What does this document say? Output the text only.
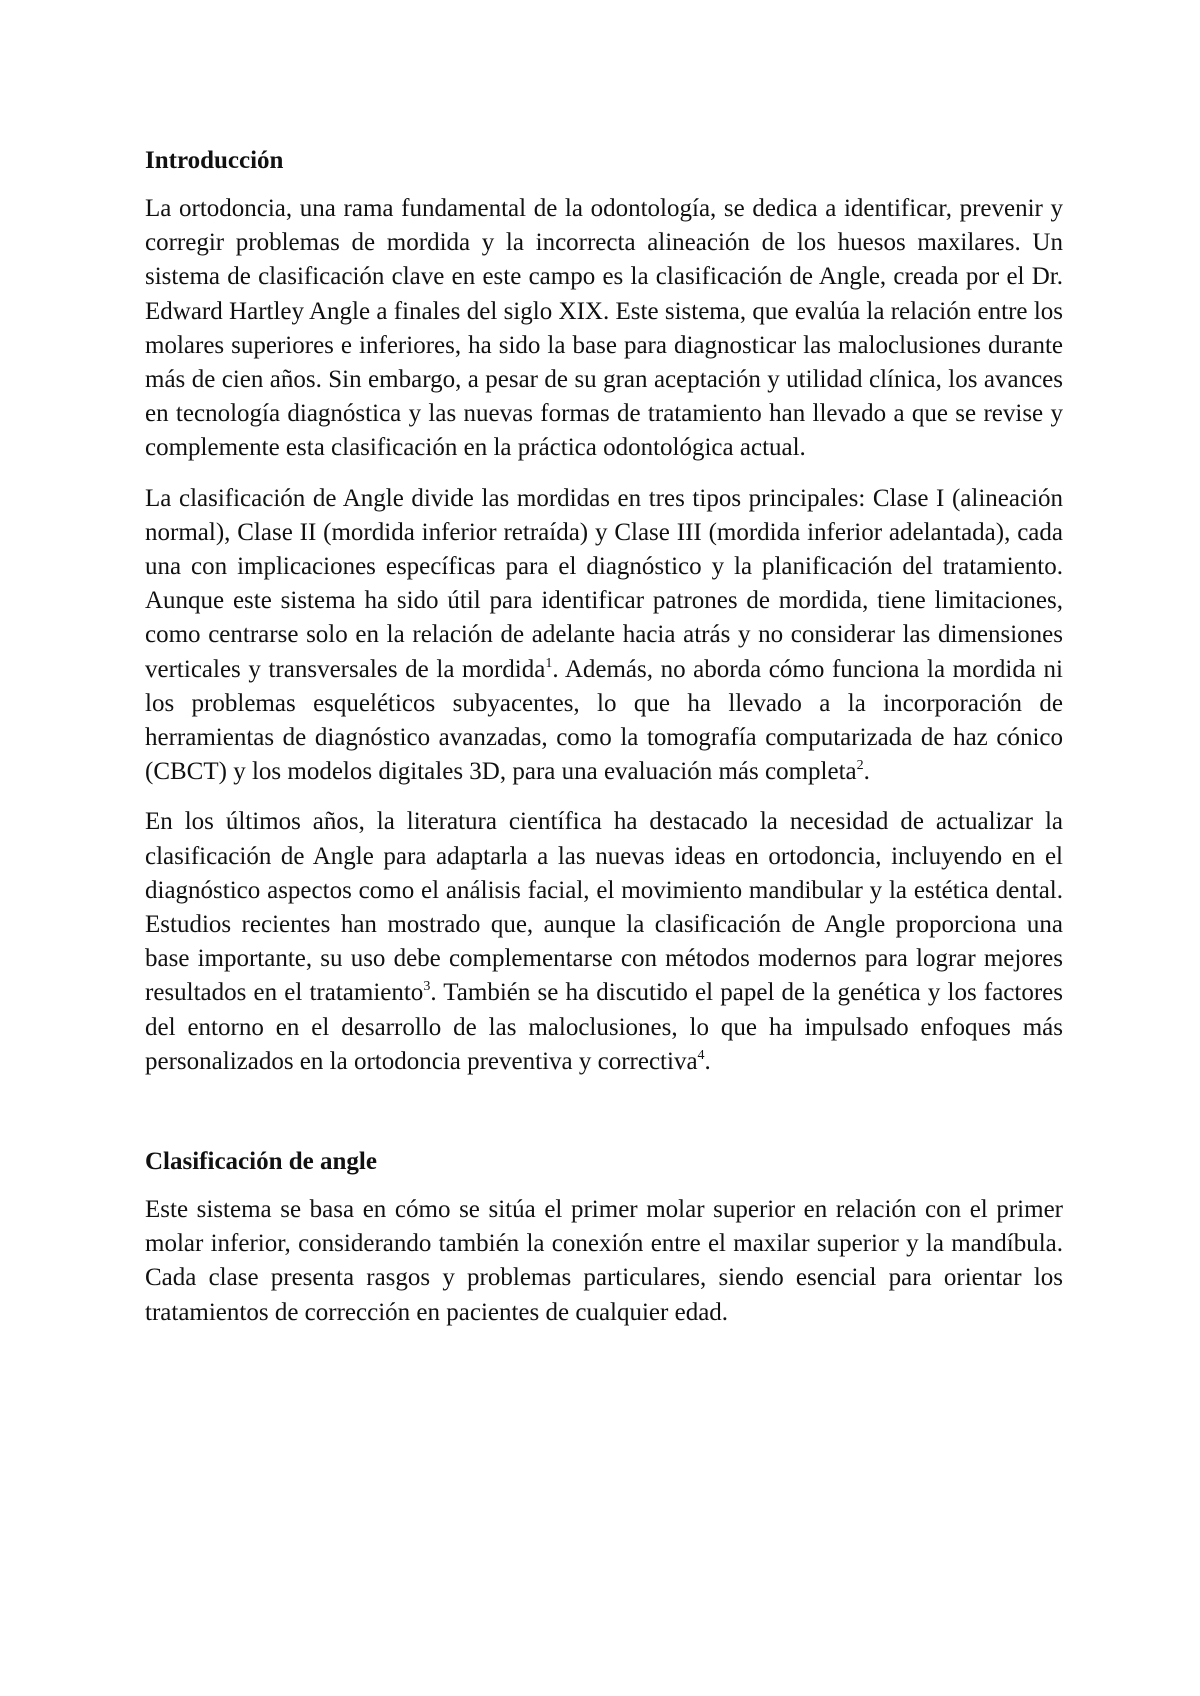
Introducción

La ortodoncia, una rama fundamental de la odontología, se dedica a identificar, prevenir y corregir problemas de mordida y la incorrecta alineación de los huesos maxilares. Un sistema de clasificación clave en este campo es la clasificación de Angle, creada por el Dr. Edward Hartley Angle a finales del siglo XIX. Este sistema, que evalúa la relación entre los molares superiores e inferiores, ha sido la base para diagnosticar las maloclusiones durante más de cien años. Sin embargo, a pesar de su gran aceptación y utilidad clínica, los avances en tecnología diagnóstica y las nuevas formas de tratamiento han llevado a que se revise y complemente esta clasificación en la práctica odontológica actual.

La clasificación de Angle divide las mordidas en tres tipos principales: Clase I (alineación normal), Clase II (mordida inferior retraída) y Clase III (mordida inferior adelantada), cada una con implicaciones específicas para el diagnóstico y la planificación del tratamiento. Aunque este sistema ha sido útil para identificar patrones de mordida, tiene limitaciones, como centrarse solo en la relación de adelante hacia atrás y no considerar las dimensiones verticales y transversales de la mordida$^1$. Además, no aborda cómo funciona la mordida ni los problemas esqueléticos subyacentes, lo que ha llevado a la incorporación de herramientas de diagnóstico avanzadas, como la tomografía computarizada de haz cónico (CBCT) y los modelos digitales 3D, para una evaluación más completa$^2$.

En los últimos años, la literatura científica ha destacado la necesidad de actualizar la clasificación de Angle para adaptarla a las nuevas ideas en ortodoncia, incluyendo en el diagnóstico aspectos como el análisis facial, el movimiento mandibular y la estética dental. Estudios recientes han mostrado que, aunque la clasificación de Angle proporciona una base importante, su uso debe complementarse con métodos modernos para lograr mejores resultados en el tratamiento$^3$. También se ha discutido el papel de la genética y los factores del entorno en el desarrollo de las maloclusiones, lo que ha impulsado enfoques más personalizados en la ortodoncia preventiva y correctiva$^4$.

Clasificación de angle

Este sistema se basa en cómo se sitúa el primer molar superior en relación con el primer molar inferior, considerando también la conexión entre el maxilar superior y la mandíbula. Cada clase presenta rasgos y problemas particulares, siendo esencial para orientar los tratamientos de corrección en pacientes de cualquier edad.
